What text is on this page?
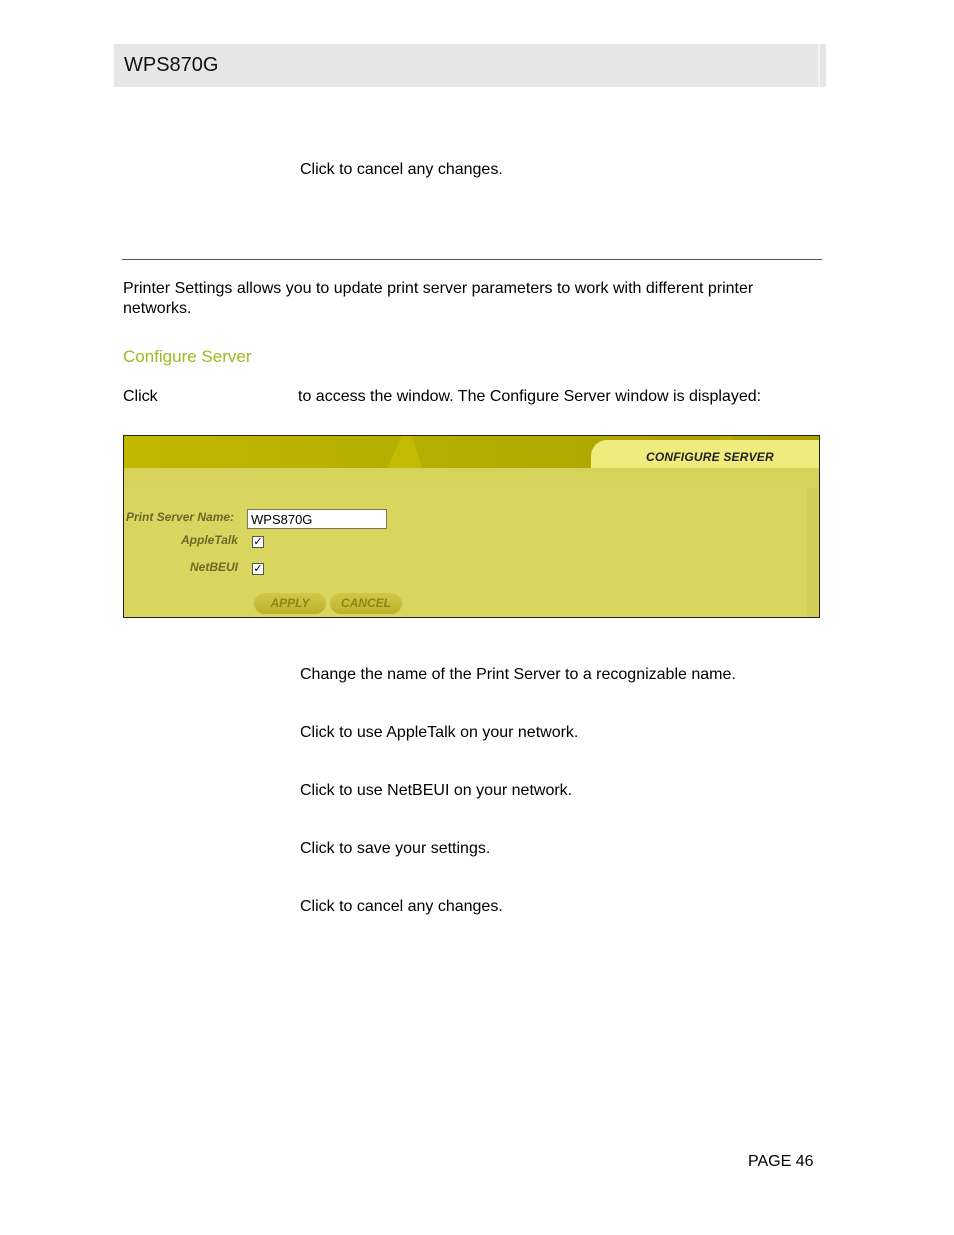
WPS870G
Click to cancel any changes.
Printer Settings allows you to update print server parameters to work with different printer
networks.
Configure Server
Click	to access the window. The Configure Server window is displayed:
CONFIGURE SERVER
Print Server Name:	WPS870G
AppleTalk ✓
NetBEUI ✓
APPLY	CANCEL
Change the name of the Print Server to a recognizable name.
Click to use AppleTalk on your network.
Click to use NetBEUI on your network.
Click to save your settings.
Click to cancel any changes.
PAGE 46
